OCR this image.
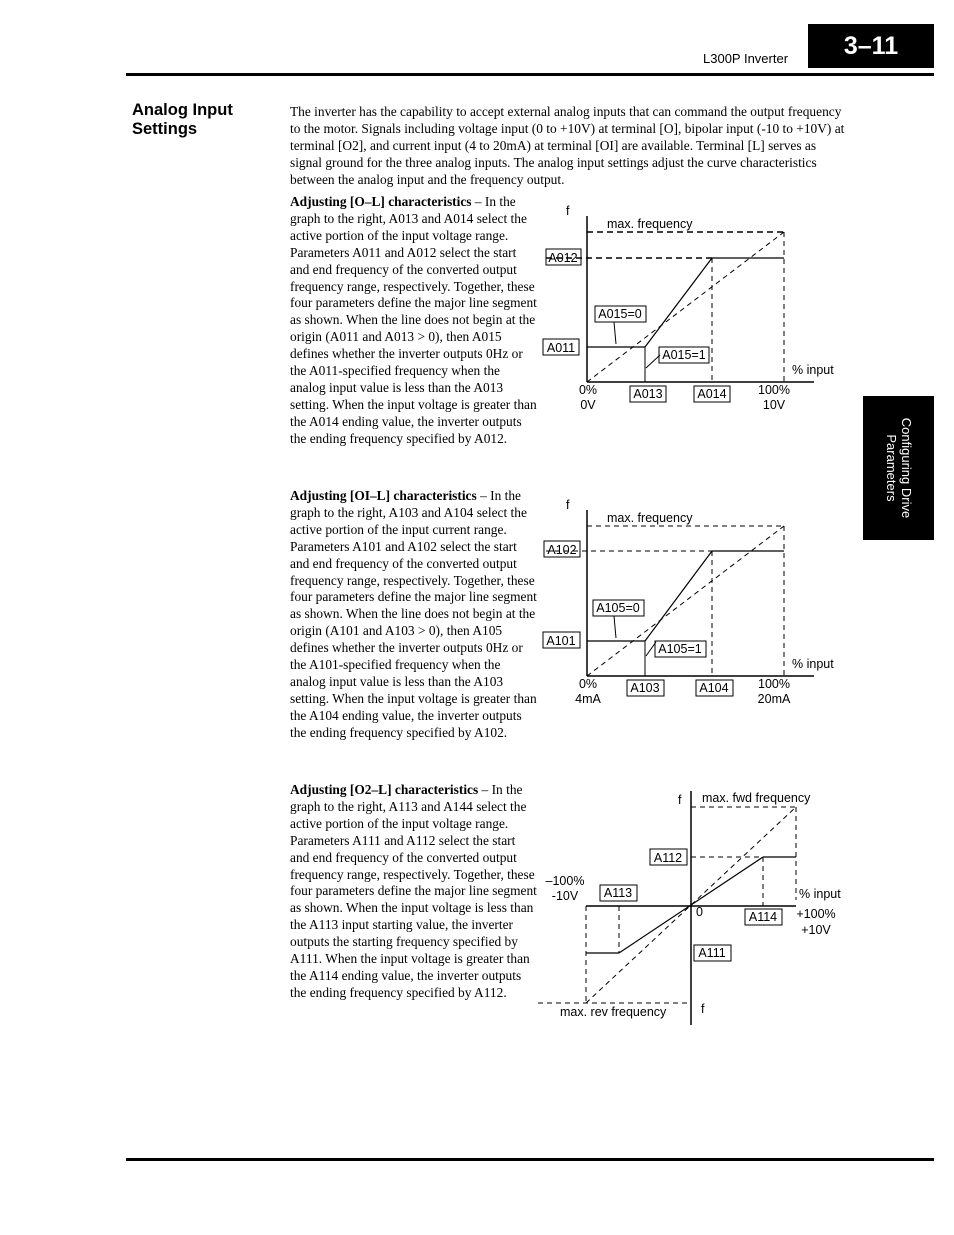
L300P Inverter	3–11
Configuring Drive
Parameters
Analog Input Settings
The inverter has the capability to accept external analog inputs that can command the output frequency to the motor. Signals including voltage input (0 to +10V) at terminal [O], bipolar input (-10 to +10V) at terminal [O2], and current input (4 to 20mA) at terminal [OI] are available. Terminal [L] serves as signal ground for the three analog inputs. The analog input settings adjust the curve characteristics between the analog input and the frequency output.
Adjusting [O–L] characteristics – In the graph to the right, A013 and A014 select the active portion of the input voltage range. Parameters A011 and A012 select the start and end frequency of the converted output frequency range, respectively. Together, these four parameters define the major line segment as shown. When the line does not begin at the origin (A011 and A013 > 0), then A015 defines whether the inverter outputs 0Hz or the A011-specified frequency when the analog input value is less than the A013 setting. When the input voltage is greater than the A014 ending value, the inverter outputs the ending frequency specified by A012.
Adjusting [OI–L] characteristics – In the graph to the right, A103 and A104 select the active portion of the input current range. Parameters A101 and A102 select the start and end frequency of the converted output frequency range, respectively. Together, these four parameters define the major line segment as shown. When the line does not begin at the origin (A101 and A103 > 0), then A105 defines whether the inverter outputs 0Hz or the A101-specified frequency when the analog input value is less than the A103 setting. When the input voltage is greater than the A104 ending value, the inverter outputs the ending frequency specified by A102.
Adjusting [O2–L] characteristics – In the graph to the right, A113 and A144 select the active portion of the input voltage range. Parameters A111 and A112 select the start and end frequency of the converted output frequency range, respectively. Together, these four parameters define the major line segment as shown. When the input voltage is less than the A113 input starting value, the inverter outputs the starting frequency specified by A111. When the input voltage is greater than the A114 ending value, the inverter outputs the ending frequency specified by A112.
f
max. frequency
A012
A011
A015=0
A015=1
% input
0%
0V
A013	A014	100%
10V
f
max. frequency
A102
A101
A105=0
A105=1
% input
0%
4mA
A103	A104 100%
20mA
f max. fwd frequency
A112
–100%
-10V A113	% input
0	A114 +100%
+10V
A111
max. rev frequency	f
